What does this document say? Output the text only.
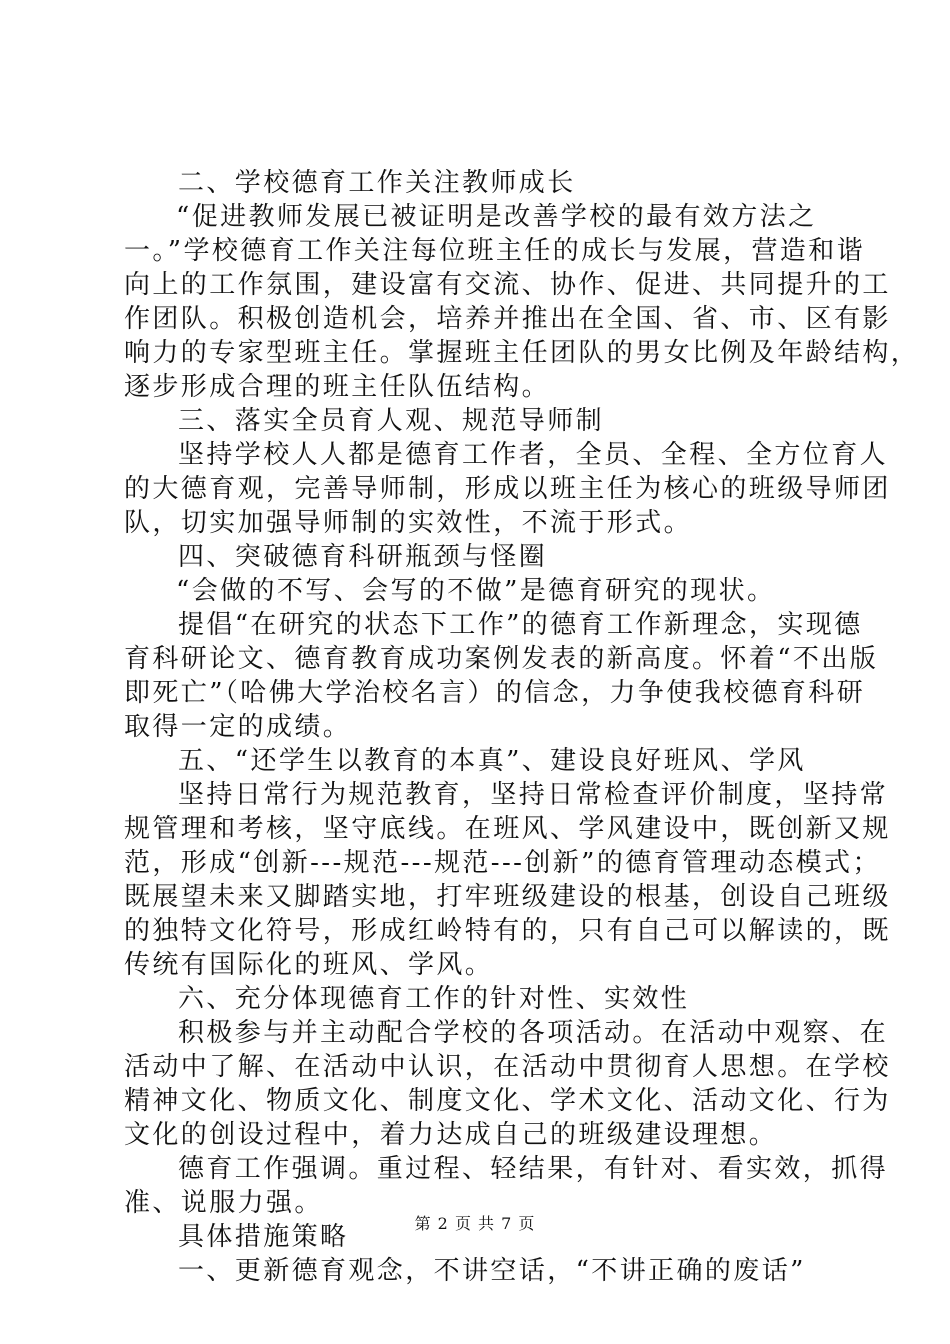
二、学校德育工作关注教师成长
“促进教师发展已被证明是改善学校的最有效方法之
一。”学校德育工作关注每位班主任的成长与发展，营造和谐
向上的工作氛围，建设富有交流、协作、促进、共同提升的工
作团队。积极创造机会，培养并推出在全国、省、市、区有影
响力的专家型班主任。掌握班主任团队的男女比例及年龄结构，
逐步形成合理的班主任队伍结构。
三、落实全员育人观、规范导师制
坚持学校人人都是德育工作者，全员、全程、全方位育人
的大德育观，完善导师制，形成以班主任为核心的班级导师团
队，切实加强导师制的实效性，不流于形式。
四、突破德育科研瓶颈与怪圈
“会做的不写、会写的不做”是德育研究的现状。
提倡“在研究的状态下工作”的德育工作新理念，实现德
育科研论文、德育教育成功案例发表的新高度。怀着“不出版
即死亡”（哈佛大学治校名言）的信念，力争使我校德育科研
取得一定的成绩。
五、“还学生以教育的本真”、建设良好班风、学风
坚持日常行为规范教育，坚持日常检查评价制度，坚持常
规管理和考核，坚守底线。在班风、学风建设中，既创新又规
范，形成“创新---规范---规范---创新”的德育管理动态模式；
既展望未来又脚踏实地，打牢班级建设的根基，创设自己班级
的独特文化符号，形成红岭特有的，只有自己可以解读的，既
传统有国际化的班风、学风。
六、充分体现德育工作的针对性、实效性
积极参与并主动配合学校的各项活动。在活动中观察、在
活动中了解、在活动中认识，在活动中贯彻育人思想。在学校
精神文化、物质文化、制度文化、学术文化、活动文化、行为
文化的创设过程中，着力达成自己的班级建设理想。
德育工作强调。重过程、轻结果，有针对、看实效，抓得
准、说服力强。
具体措施策略
一、更新德育观念，不讲空话，“不讲正确的废话”
第 2 页 共 7 页
